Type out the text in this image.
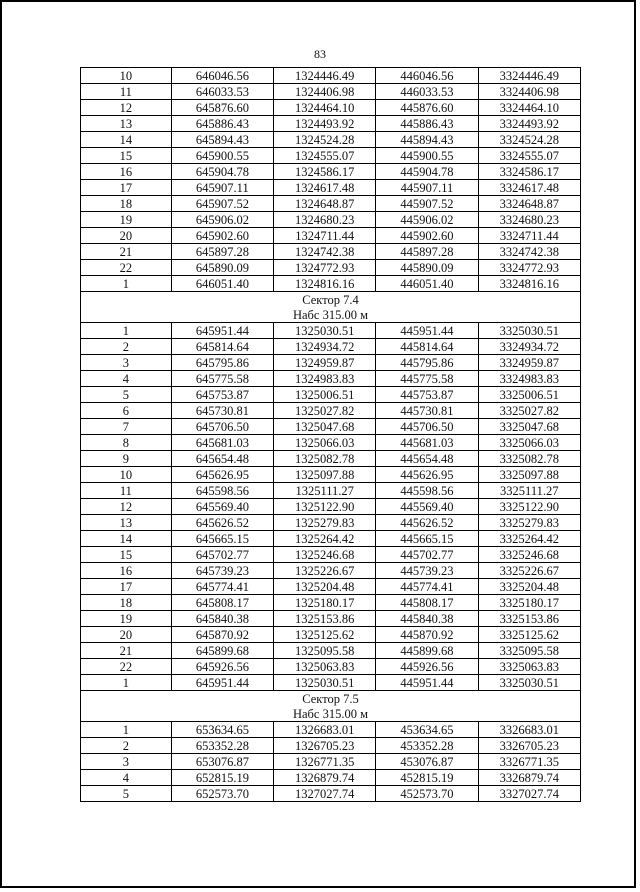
83
10	646046.56	1324446.49	446046.56	3324446.49
11	646033.53	1324406.98	446033.53	3324406.98
12	645876.60	1324464.10	445876.60	3324464.10
13	645886.43	1324493.92	445886.43	3324493.92
14	645894.43	1324524.28	445894.43	3324524.28
15	645900.55	1324555.07	445900.55	3324555.07
16	645904.78	1324586.17	445904.78	3324586.17
17	645907.11	1324617.48	445907.11	3324617.48
18	645907.52	1324648.87	445907.52	3324648.87
19	645906.02	1324680.23	445906.02	3324680.23
20	645902.60	1324711.44	445902.60	3324711.44
21	645897.28	1324742.38	445897.28	3324742.38
22	645890.09	1324772.93	445890.09	3324772.93
1	646051.40	1324816.16	446051.40	3324816.16
Сектор 7.4				
Набс 315.00 м				
1	645951.44	1325030.51	445951.44	3325030.51
2	645814.64	1324934.72	445814.64	3324934.72
3	645795.86	1324959.87	445795.86	3324959.87
4	645775.58	1324983.83	445775.58	3324983.83
5	645753.87	1325006.51	445753.87	3325006.51
6	645730.81	1325027.82	445730.81	3325027.82
7	645706.50	1325047.68	445706.50	3325047.68
8	645681.03	1325066.03	445681.03	3325066.03
9	645654.48	1325082.78	445654.48	3325082.78
10	645626.95	1325097.88	445626.95	3325097.88
11	645598.56	1325111.27	445598.56	3325111.27
12	645569.40	1325122.90	445569.40	3325122.90
13	645626.52	1325279.83	445626.52	3325279.83
14	645665.15	1325264.42	445665.15	3325264.42
15	645702.77	1325246.68	445702.77	3325246.68
16	645739.23	1325226.67	445739.23	3325226.67
17	645774.41	1325204.48	445774.41	3325204.48
18	645808.17	1325180.17	445808.17	3325180.17
19	645840.38	1325153.86	445840.38	3325153.86
20	645870.92	1325125.62	445870.92	3325125.62
21	645899.68	1325095.58	445899.68	3325095.58
22	645926.56	1325063.83	445926.56	3325063.83
1	645951.44	1325030.51	445951.44	3325030.51
Сектор 7.5				
Набс 315.00 м				
1	653634.65	1326683.01	453634.65	3326683.01
2	653352.28	1326705.23	453352.28	3326705.23
3	653076.87	1326771.35	453076.87	3326771.35
4	652815.19	1326879.74	452815.19	3326879.74
5	652573.70	1327027.74	452573.70	3327027.74
